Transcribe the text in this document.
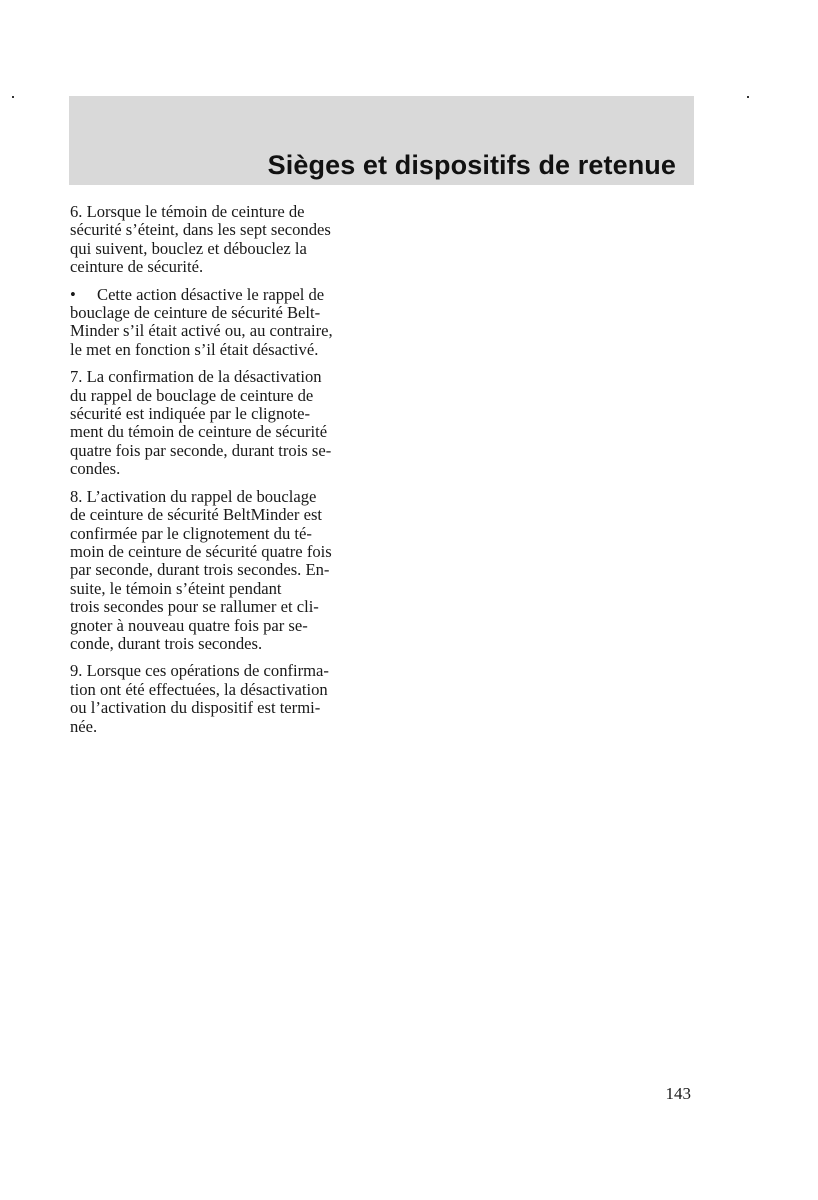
Sièges et dispositifs de retenue

6. Lorsque le témoin de ceinture de
sécurité s’éteint, dans les sept secondes
qui suivent, bouclez et débouclez la
ceinture de sécurité.

• Cette action désactive le rappel de
bouclage de ceinture de sécurité Belt-
Minder s’il était activé ou, au contraire,
le met en fonction s’il était désactivé.

7. La confirmation de la désactivation
du rappel de bouclage de ceinture de
sécurité est indiquée par le clignote-
ment du témoin de ceinture de sécurité
quatre fois par seconde, durant trois se-
condes.

8. L’activation du rappel de bouclage
de ceinture de sécurité BeltMinder est
confirmée par le clignotement du té-
moin de ceinture de sécurité quatre fois
par seconde, durant trois secondes. En-
suite, le témoin s’éteint pendant
trois secondes pour se rallumer et cli-
gnoter à nouveau quatre fois par se-
conde, durant trois secondes.

9. Lorsque ces opérations de confirma-
tion ont été effectuées, la désactivation
ou l’activation du dispositif est termi-
née.

143
